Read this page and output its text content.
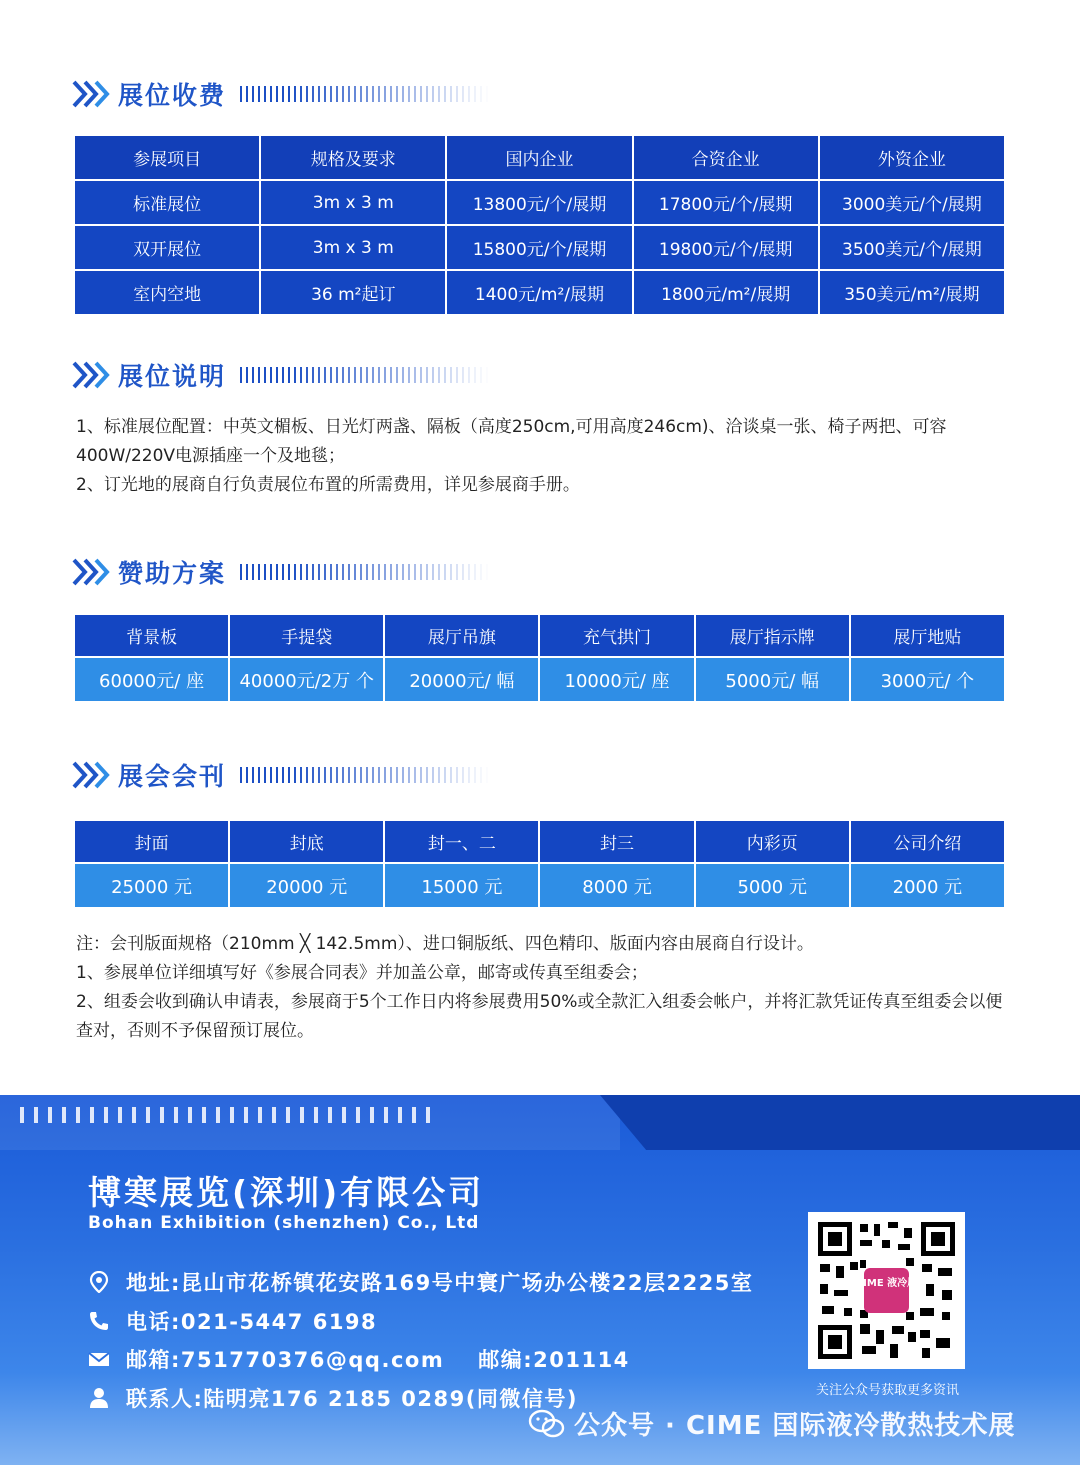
展位收费
参展项目	规格及要求	国内企业	合资企业	外资企业
标准展位	3m x 3 m	13800元/个/展期	17800元/个/展期	3000美元/个/展期
双开展位	3m x 3 m	15800元/个/展期	19800元/个/展期	3500美元/个/展期
室内空地	36 m²起订	1400元/m²/展期	1800元/m²/展期	350美元/m²/展期
展位说明

1、标准展位配置：中英文楣板、日光灯两盏、隔板（高度250cm,可用高度246cm)、洽谈桌一张、椅子两把、可容400W/220V电源插座一个及地毯；

2、订光地的展商自行负责展位布置的所需费用，详见参展商手册。

赞助方案
背景板	手提袋	展厅吊旗	充气拱门	展厅指示牌	展厅地贴
60000元/ 座	40000元/2万 个	20000元/ 幅	10000元/ 座	5000元/ 幅	3000元/ 个
展会会刊
封面	封底	封一、二	封三	内彩页	公司介绍
25000 元	20000 元	15000 元	8000 元	5000 元	2000 元

注：会刊版面规格（210mm ╳ 142.5mm）、进口铜版纸、四色精印、版面内容由展商自行设计。

1、参展单位详细填写好《参展合同表》并加盖公章，邮寄或传真至组委会；

2、组委会收到确认申请表，参展商于5个工作日内将参展费用50%或全款汇入组委会帐户，并将汇款凭证传真至组委会以便查对，否则不予保留预订展位。

博寒展览(深圳)有限公司
Bohan Exhibition (shenzhen) Co., Ltd
地址:昆山市花桥镇花安路169号中寰广场办公楼22层2225室
电话:021-5447 6198
邮箱:751770376@qq.com 邮编:201114
联系人:陆明亮176 2185 0289(同微信号)
CIME 液冷展
关注公众号获取更多资讯
公众号 · CIME 国际液冷散热技术展
